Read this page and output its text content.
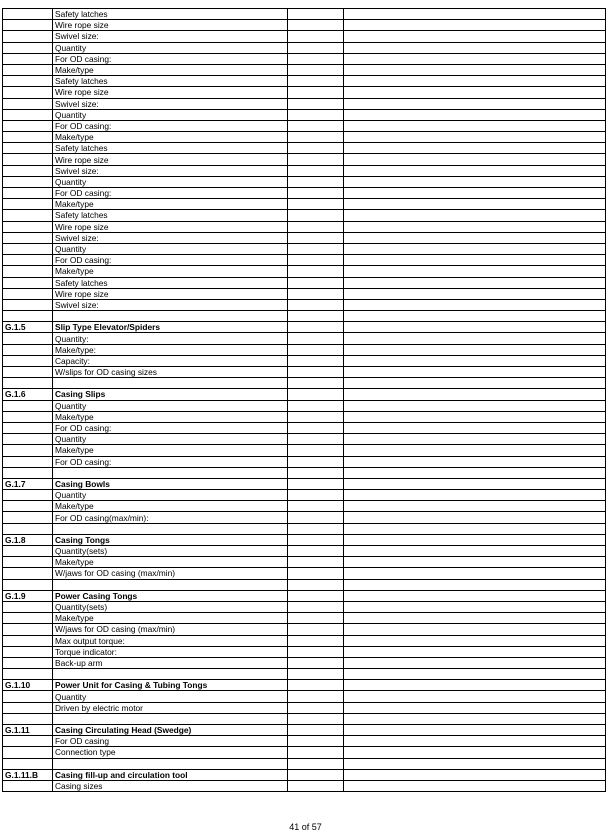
	Safety latches		
	Wire rope size		
	Swivel size:		
	Quantity		
	For OD casing:		
	Make/type		
	Safety latches		
	Wire rope size		
	Swivel size:		
	Quantity		
	For OD casing:		
	Make/type		
	Safety latches		
	Wire rope size		
	Swivel size:		
	Quantity		
	For OD casing:		
	Make/type		
	Safety latches		
	Wire rope size		
	Swivel size:		
	Quantity		
	For OD casing:		
	Make/type		
	Safety latches		
	Wire rope size		
	Swivel size:		

G.1.5	Slip Type Elevator/Spiders		
	Quantity:		
	Make/type:		
	Capacity:		
	W/slips for OD casing sizes		

G.1.6	Casing Slips		
	Quantity		
	Make/type		
	For OD casing:		
	Quantity		
	Make/type		
	For OD casing:		

G.1.7	Casing Bowls		
	Quantity		
	Make/type		
	For OD casing(max/min):		

G.1.8	Casing Tongs		
	Quantity(sets)		
	Make/type		
	W/jaws for OD casing (max/min)		

G.1.9	Power Casing Tongs		
	Quantity(sets)		
	Make/type		
	W/jaws for OD casing (max/min)		
	Max output torque:		
	Torque indicator:		
	Back-up arm		

G.1.10	Power Unit for Casing & Tubing Tongs		
	Quantity		
	Driven by electric motor		

G.1.11	Casing Circulating Head (Swedge)		
	For OD casing		
	Connection type		

G.1.11.B	Casing fill-up and circulation tool		
	Casing sizes		
41 of 57
